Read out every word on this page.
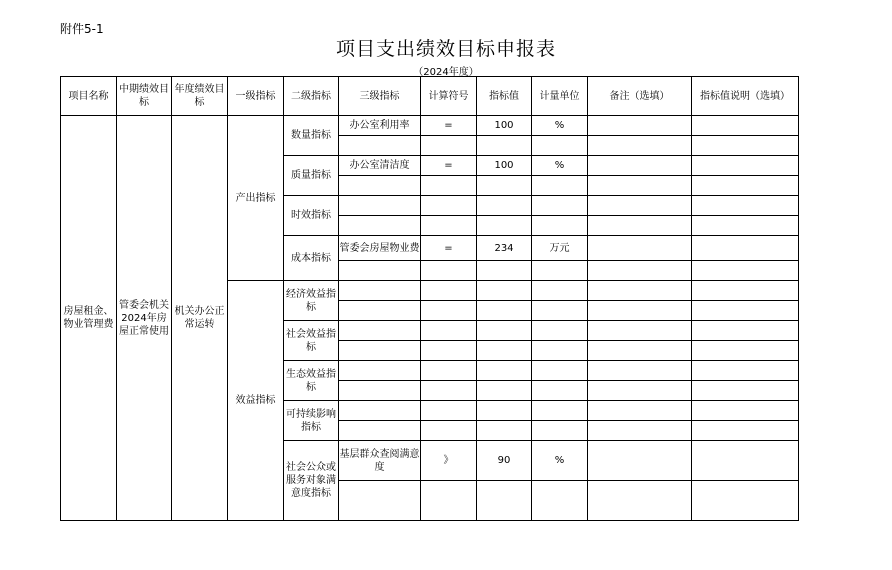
附件5-1
项目支出绩效目标申报表
（2024年度）
项目名称	中期绩效目标	年度绩效目标	一级指标	二级指标	三级指标	计算符号	指标值	计量单位	备注（选填）	指标值说明（选填）
房屋租金、物业管理费	管委会机关2024年房屋正常使用	机关办公正常运转	产出指标	数量指标	办公室利用率	=	100	%		

				质量指标	办公室清洁度	=	100	%		

				时效指标						

				成本指标	管委会房屋物业费	=	234	万元		

			效益指标	经济效益指标						

				社会效益指标						

				生态效益指标						

				可持续影响指标						

				社会公众或服务对象满意度指标	基层群众查阅满意度	》	90	%		
